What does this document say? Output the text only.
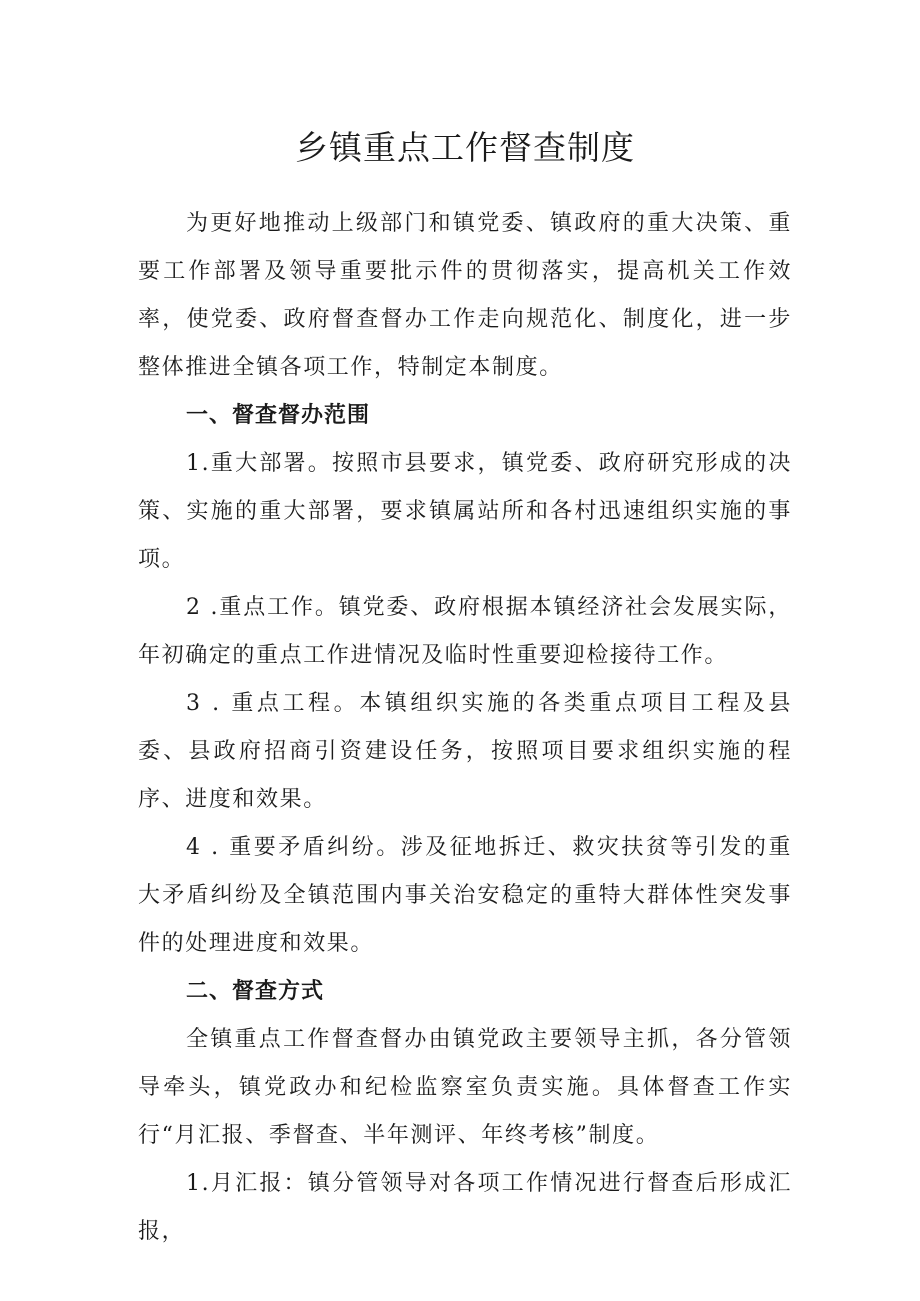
乡镇重点工作督查制度

为更好地推动上级部门和镇党委、镇政府的重大决策、重要工作部署及领导重要批示件的贯彻落实，提高机关工作效率，使党委、政府督查督办工作走向规范化、制度化，进一步整体推进全镇各项工作，特制定本制度。

一、督查督办范围

1.重大部署。按照市县要求，镇党委、政府研究形成的决策、实施的重大部署，要求镇属站所和各村迅速组织实施的事项。

2 .重点工作。镇党委、政府根据本镇经济社会发展实际，年初确定的重点工作进情况及临时性重要迎检接待工作。

3 . 重点工程。本镇组织实施的各类重点项目工程及县委、县政府招商引资建设任务，按照项目要求组织实施的程序、进度和效果。

4 . 重要矛盾纠纷。涉及征地拆迁、救灾扶贫等引发的重大矛盾纠纷及全镇范围内事关治安稳定的重特大群体性突发事件的处理进度和效果。

二、督查方式

全镇重点工作督查督办由镇党政主要领导主抓，各分管领导牵头，镇党政办和纪检监察室负责实施。具体督查工作实行“月汇报、季督查、半年测评、年终考核”制度。

1.月汇报：镇分管领导对各项工作情况进行督查后形成汇报，
